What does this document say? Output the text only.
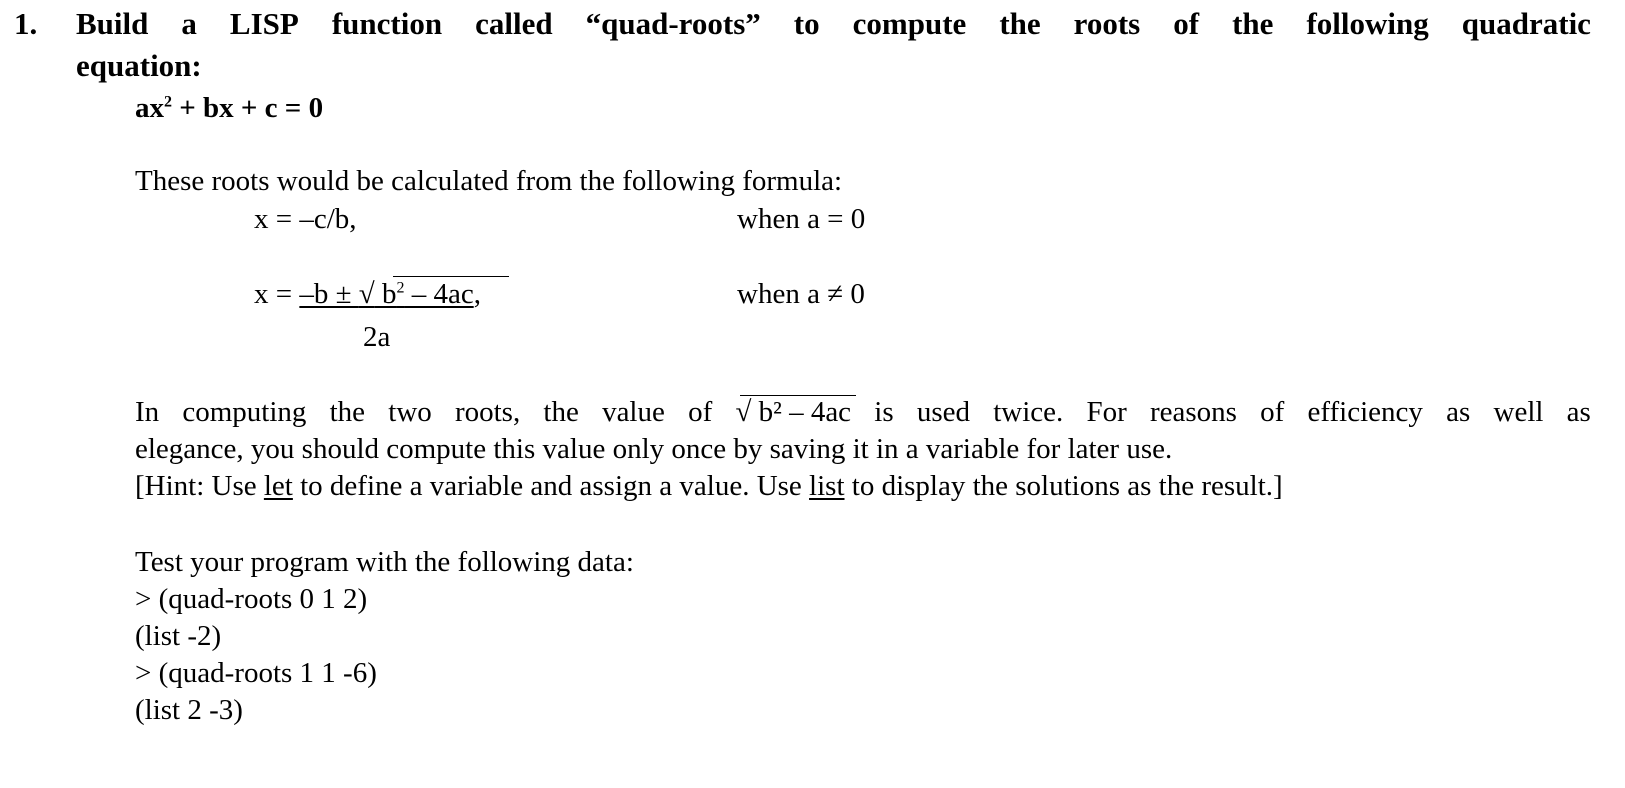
1. Build a LISP function called “quad-roots” to compute the roots of the following quadratic
equation:
$ax^2$ + bx + c = 0
These roots would be calculated from the following formula:
x = –c/b,	when a = 0
x = –b ± √ $b^2 - 4ac$,
2a
when a ≠ 0
In computing the two roots, the value of √ b² – 4ac is used twice. For reasons of efficiency as well as
elegance, you should compute this value only once by saving it in a variable for later use.
[Hint: Use let to define a variable and assign a value. Use list to display the solutions as the result.]
Test your program with the following data:
> (quad-roots 0 1 2)
(list -2)
> (quad-roots 1 1 -6)
(list 2 -3)
